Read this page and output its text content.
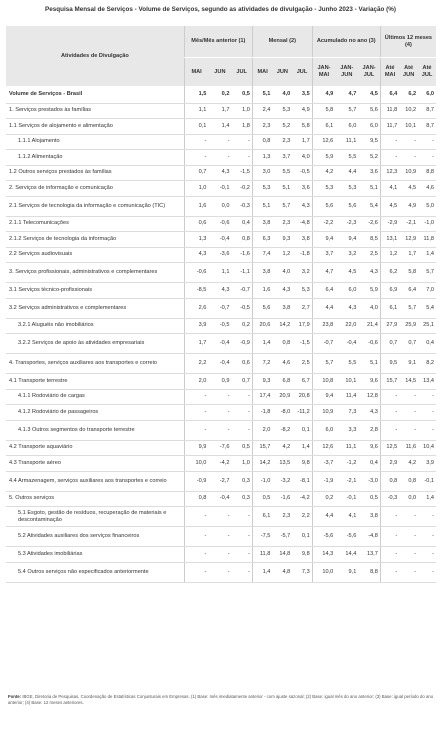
Pesquisa Mensal de Serviços - Volume de Serviços, segundo as atividades de divulgação - Junho 2023 - Variação (%)
Atividades de Divulgação	Mês/Mês anterior (1)			Mensal (2)			Acumulado no ano (3)			Últimos 12 meses (4)		
	MAI	JUN	JUL	MAI	JUN	JUL	JAN-MAI	JAN-JUN	JAN-JUL	Até MAI	Até JUN	Até JUL
Volume de Serviços - Brasil	1,5	0,2	0,5	5,1	4,0	3,5	4,9	4,7	4,5	6,4	6,2	6,0
1. Serviços prestados às famílias	1,1	1,7	1,0	2,4	5,3	4,9	5,8	5,7	5,6	11,8	10,2	8,7
1.1 Serviços de alojamento e alimentação	0,1	1,4	1,8	2,3	5,2	5,8	6,1	6,0	6,0	11,7	10,1	8,7
1.1.1 Alojamento	-	-	-	0,8	2,3	1,7	12,6	11,1	9,5	-	-	-
1.1.2 Alimentação	-	-	-	1,3	3,7	4,0	5,9	5,5	5,2	-	-	-
1.2 Outros serviços prestados às famílias	0,7	4,3	-1,5	3,0	5,5	-0,5	4,2	4,4	3,6	12,3	10,9	8,8
2. Serviços de informação e comunicação	1,0	-0,1	-0,2	5,3	5,1	3,6	5,3	5,3	5,1	4,1	4,5	4,6
2.1 Serviços de tecnologia da informação e comunicação (TIC)	1,6	0,0	-0,3	5,1	5,7	4,3	5,6	5,6	5,4	4,5	4,9	5,0
2.1.1 Telecomunicações	0,6	-0,6	0,4	3,8	2,3	-4,8	-2,2	-2,3	-2,6	-2,9	-2,1	-1,0
2.1.2 Serviços de tecnologia da informação	1,3	-0,4	0,8	6,3	9,3	3,8	9,4	9,4	8,5	13,1	12,9	11,8
2.2 Serviços audiovisuais	4,3	-3,6	-1,6	7,4	1,2	-1,8	3,7	3,2	2,5	1,2	1,7	1,4
3. Serviços profissionais, administrativos e complementares	-0,6	1,1	-1,1	3,8	4,0	3,2	4,7	4,5	4,3	6,2	5,8	5,7
3.1 Serviços técnico-profissionais	-8,5	4,3	-0,7	1,6	4,3	5,3	6,4	6,0	5,9	6,9	6,4	7,0
3.2 Serviços administrativos e complementares	2,6	-0,7	-0,5	5,6	3,8	2,7	4,4	4,3	4,0	6,1	5,7	5,4
3.2.1 Aluguéis não imobiliários	3,9	-0,5	0,2	20,6	14,2	17,9	23,8	22,0	21,4	27,9	25,9	25,1
3.2.2 Serviços de apoio às atividades empresariais	1,7	-0,4	-0,9	1,4	0,8	-1,5	-0,7	-0,4	-0,6	0,7	0,7	0,4
4. Transportes, serviços auxiliares aos transportes e correio	2,2	-0,4	0,6	7,2	4,6	2,5	5,7	5,5	5,1	9,5	9,1	8,2
4.1 Transporte terrestre	2,0	0,9	0,7	9,3	6,8	6,7	10,8	10,1	9,6	15,7	14,5	13,4
4.1.1 Rodoviário de cargas	-	-	-	17,4	20,9	20,8	9,4	11,4	12,8	-	-	-
4.1.2 Rodoviário de passageiros	-	-	-	-1,8	-8,0	-11,2	10,9	7,3	4,3	-	-	-
4.1.3 Outros segmentos do transporte terrestre	-	-	-	2,0	-8,2	0,1	6,0	3,3	2,8	-	-	-
4.2 Transporte aquaviário	9,9	-7,6	0,5	15,7	4,2	1,4	12,6	11,1	9,6	12,5	11,6	10,4
4.3 Transporte aéreo	10,0	-4,2	1,0	14,2	13,5	9,8	-3,7	-1,2	0,4	2,9	4,2	3,9
4.4 Armazenagem, serviços auxiliares aos transportes e correio	-0,9	-2,7	0,3	-1,0	-3,2	-8,1	-1,9	-2,1	-3,0	0,8	0,8	-0,1
5. Outros serviços	0,8	-0,4	0,3	0,5	-1,6	-4,2	0,2	-0,1	0,5	-0,3	0,0	1,4
5.1 Esgoto, gestão de resíduos, recuperação de materiais e descontaminação	-	-	-	6,1	2,3	2,2	4,4	4,1	3,8	-	-	-
5.2 Atividades auxiliares dos serviços financeiros	-	-	-	-7,5	-5,7	0,1	-5,6	-5,6	-4,8	-	-	-
5.3 Atividades imobiliárias	-	-	-	11,8	14,8	9,8	14,3	14,4	13,7	-	-	-
5.4 Outros serviços não especificados anteriormente	-	-	-	1,4	4,8	7,3	10,0	9,1	8,8	-	-	-
Fonte: IBGE, Diretoria de Pesquisas, Coordenação de Estatísticas Conjunturais em Empresas. (1) Base: mês imediatamente anterior - com ajuste sazonal; (2) Base: igual mês do ano anterior; (3) Base: igual período do ano anterior; (4) Base: 12 meses anteriores.
